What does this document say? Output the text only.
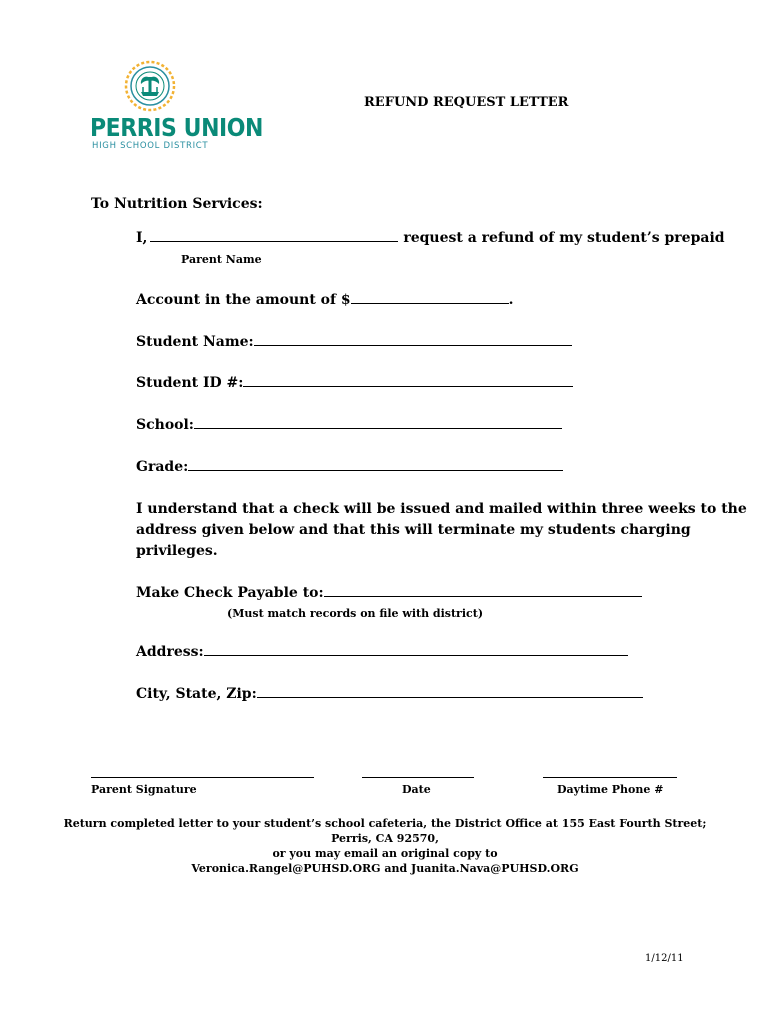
PERRIS UNION
HIGH SCHOOL DISTRICT
REFUND REQUEST LETTER
To Nutrition Services:
I,	request a refund of my student’s prepaid
Parent Name
Account in the amount of $	.
Student Name:
Student ID #:
School:
Grade:
I understand that a check will be issued and mailed within three weeks to the
address given below and that this will terminate my students charging
privileges.
Make Check Payable to:
(Must match records on file with district)
Address:
City, State, Zip:
Parent Signature	Date	Daytime Phone #
Return completed letter to your student’s school cafeteria, the District Office at 155 East Fourth Street;
Perris, CA 92570,
or you may email an original copy to
Veronica.Rangel@PUHSD.ORG and Juanita.Nava@PUHSD.ORG
1/12/11
